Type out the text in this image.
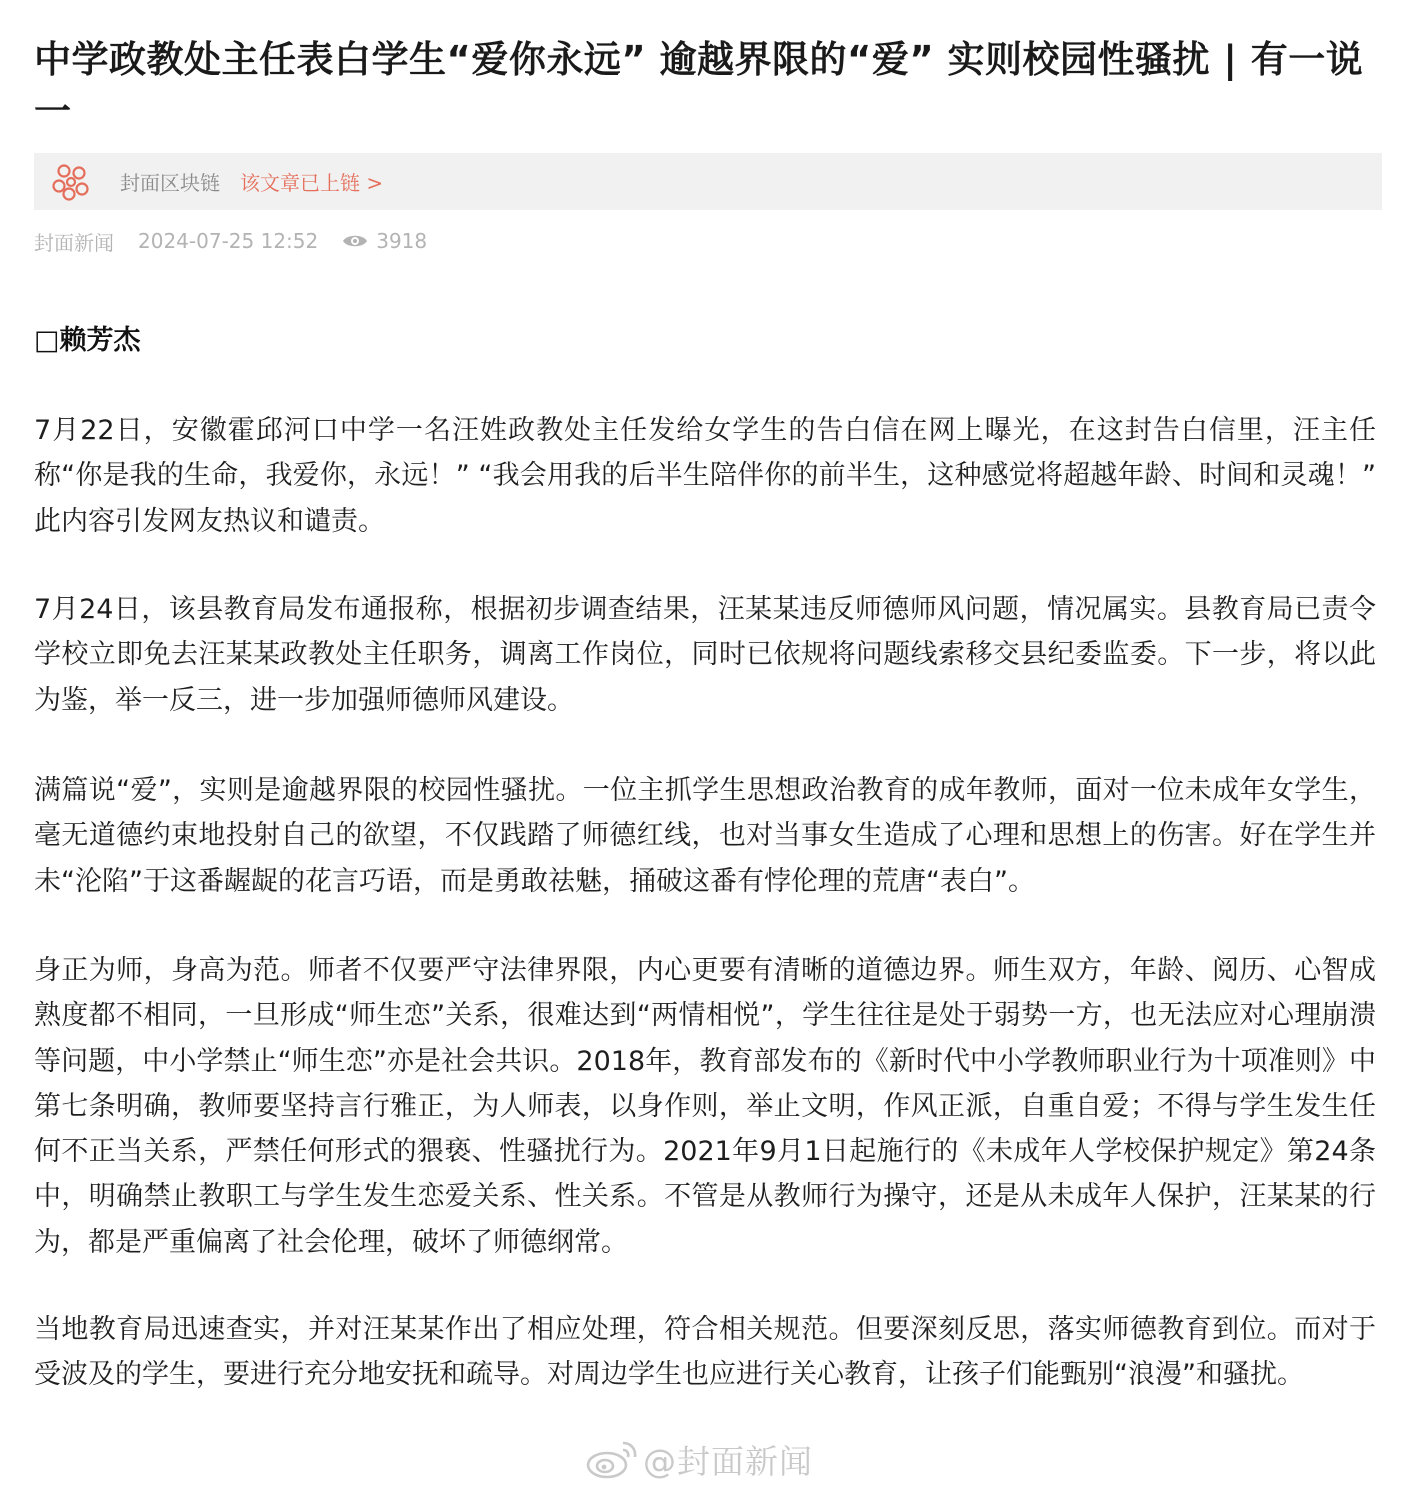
中学政教处主任表白学生“爱你永远” 逾越界限的“爱” 实则校园性骚扰 | 有一说一
封面区块链 该文章已上链 >
封面新闻 2024-07-25 12:52	3918
□赖芳杰

7月22日，安徽霍邱河口中学一名汪姓政教处主任发给女学生的告白信在网上曝光，在这封告白信里，汪主任称“你是我的生命，我爱你，永远！” “我会用我的后半生陪伴你的前半生，这种感觉将超越年龄、时间和灵魂！” 此内容引发网友热议和谴责。

7月24日，该县教育局发布通报称，根据初步调查结果，汪某某违反师德师风问题，情况属实。县教育局已责令学校立即免去汪某某政教处主任职务，调离工作岗位，同时已依规将问题线索移交县纪委监委。下一步，将以此为鉴，举一反三，进一步加强师德师风建设。

满篇说“爱”，实则是逾越界限的校园性骚扰。一位主抓学生思想政治教育的成年教师，面对一位未成年女学生，毫无道德约束地投射自己的欲望，不仅践踏了师德红线，也对当事女生造成了心理和思想上的伤害。好在学生并未“沦陷”于这番龌龊的花言巧语，而是勇敢祛魅，捅破这番有悖伦理的荒唐“表白”。

身正为师，身高为范。师者不仅要严守法律界限，内心更要有清晰的道德边界。师生双方，年龄、阅历、心智成熟度都不相同，一旦形成“师生恋”关系，很难达到“两情相悦”，学生往往是处于弱势一方，也无法应对心理崩溃等问题，中小学禁止“师生恋”亦是社会共识。2018年，教育部发布的《新时代中小学教师职业行为十项准则》中第七条明确，教师要坚持言行雅正，为人师表，以身作则，举止文明，作风正派，自重自爱；不得与学生发生任何不正当关系，严禁任何形式的猥亵、性骚扰行为。2021年9月1日起施行的《未成年人学校保护规定》第24条中，明确禁止教职工与学生发生恋爱关系、性关系。不管是从教师行为操守，还是从未成年人保护，汪某某的行为，都是严重偏离了社会伦理，破坏了师德纲常。

当地教育局迅速查实，并对汪某某作出了相应处理，符合相关规范。但要深刻反思，落实师德教育到位。而对于受波及的学生，要进行充分地安抚和疏导。对周边学生也应进行关心教育，让孩子们能甄别“浪漫”和骚扰。

@封面新闻
